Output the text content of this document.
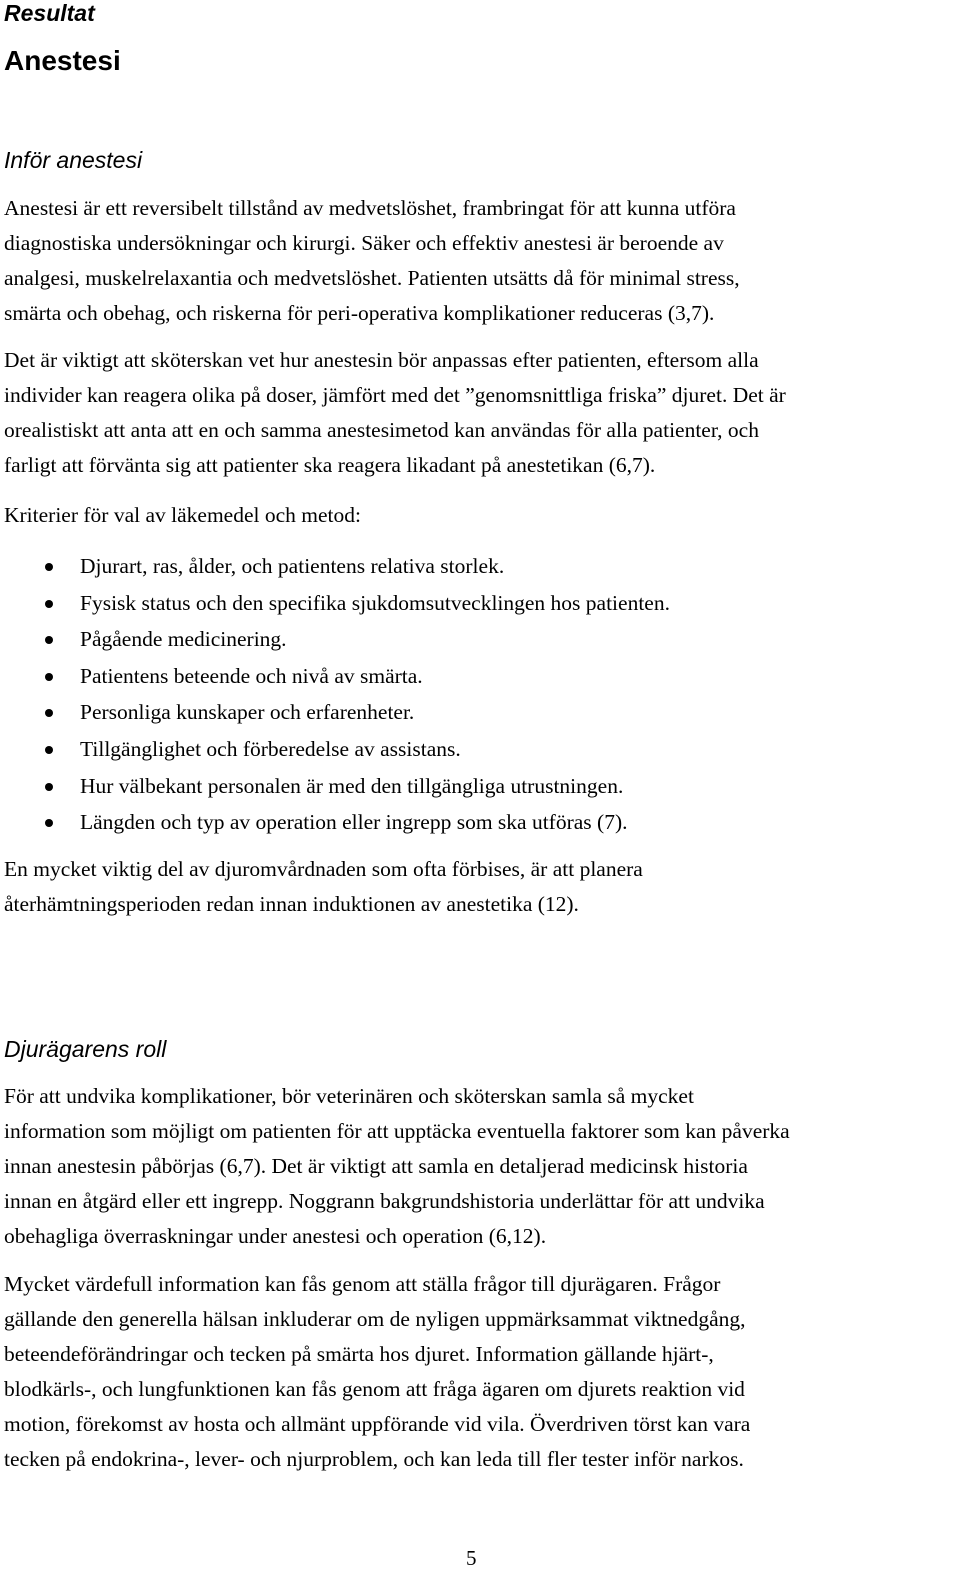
Resultat
Anestesi
Inför anestesi

Anestesi är ett reversibelt tillstånd av medvetslöshet, frambringat för att kunna utföra
diagnostiska undersökningar och kirurgi. Säker och effektiv anestesi är beroende av
analgesi, muskelrelaxantia och medvetslöshet. Patienten utsätts då för minimal stress,
smärta och obehag, och riskerna för peri-operativa komplikationer reduceras (3,7).

Det är viktigt att sköterskan vet hur anestesin bör anpassas efter patienten, eftersom alla
individer kan reagera olika på doser, jämfört med det ”genomsnittliga friska” djuret. Det är
orealistiskt att anta att en och samma anestesimetod kan användas för alla patienter, och
farligt att förvänta sig att patienter ska reagera likadant på anestetikan (6,7).

Kriterier för val av läkemedel och metod:

Djurart, ras, ålder, och patientens relativa storlek.
Fysisk status och den specifika sjukdomsutvecklingen hos patienten.
Pågående medicinering.
Patientens beteende och nivå av smärta.
Personliga kunskaper och erfarenheter.
Tillgänglighet och förberedelse av assistans.
Hur välbekant personalen är med den tillgängliga utrustningen.
Längden och typ av operation eller ingrepp som ska utföras (7).

En mycket viktig del av djuromvårdnaden som ofta förbises, är att planera
återhämtningsperioden redan innan induktionen av anestetika (12).

Djurägarens roll

För att undvika komplikationer, bör veterinären och sköterskan samla så mycket
information som möjligt om patienten för att upptäcka eventuella faktorer som kan påverka
innan anestesin påbörjas (6,7). Det är viktigt att samla en detaljerad medicinsk historia
innan en åtgärd eller ett ingrepp. Noggrann bakgrundshistoria underlättar för att undvika
obehagliga överraskningar under anestesi och operation (6,12).

Mycket värdefull information kan fås genom att ställa frågor till djurägaren. Frågor
gällande den generella hälsan inkluderar om de nyligen uppmärksammat viktnedgång,
beteendeförändringar och tecken på smärta hos djuret. Information gällande hjärt-,
blodkärls-, och lungfunktionen kan fås genom att fråga ägaren om djurets reaktion vid
motion, förekomst av hosta och allmänt uppförande vid vila. Överdriven törst kan vara
tecken på endokrina-, lever- och njurproblem, och kan leda till fler tester inför narkos.

5
